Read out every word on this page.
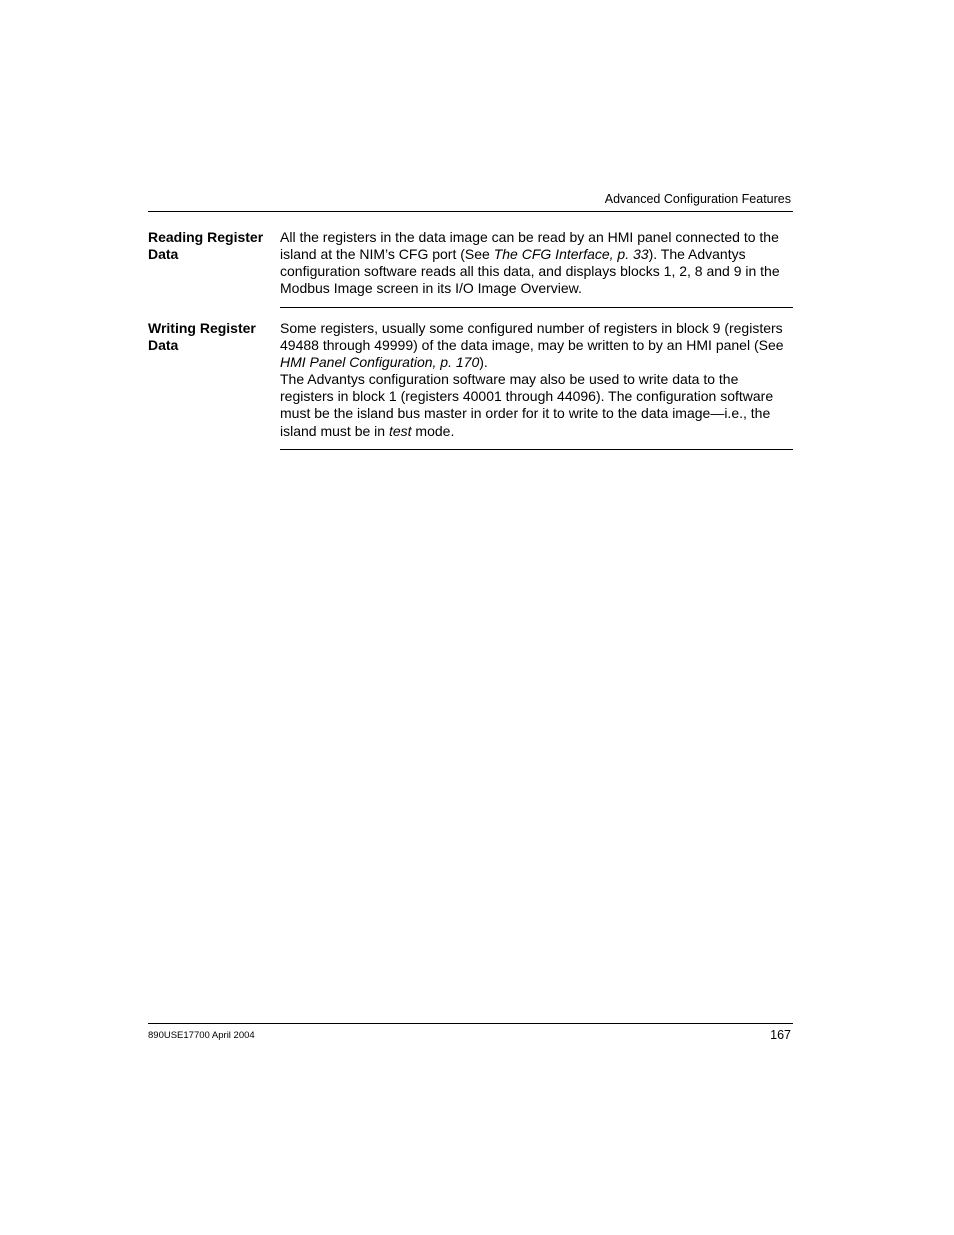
Advanced Configuration Features
Reading Register Data

All the registers in the data image can be read by an HMI panel connected to the island at the NIM’s CFG port (See The CFG Interface, p. 33). The Advantys configuration software reads all this data, and displays blocks 1, 2, 8 and 9 in the Modbus Image screen in its I/O Image Overview.

Writing Register Data

Some registers, usually some configured number of registers in block 9 (registers 49488 through 49999) of the data image, may be written to by an HMI panel (See HMI Panel Configuration, p. 170).

The Advantys configuration software may also be used to write data to the registers in block 1 (registers 40001 through 44096). The configuration software must be the island bus master in order for it to write to the data image—i.e., the island must be in test mode.

890USE17700 April 2004	167
